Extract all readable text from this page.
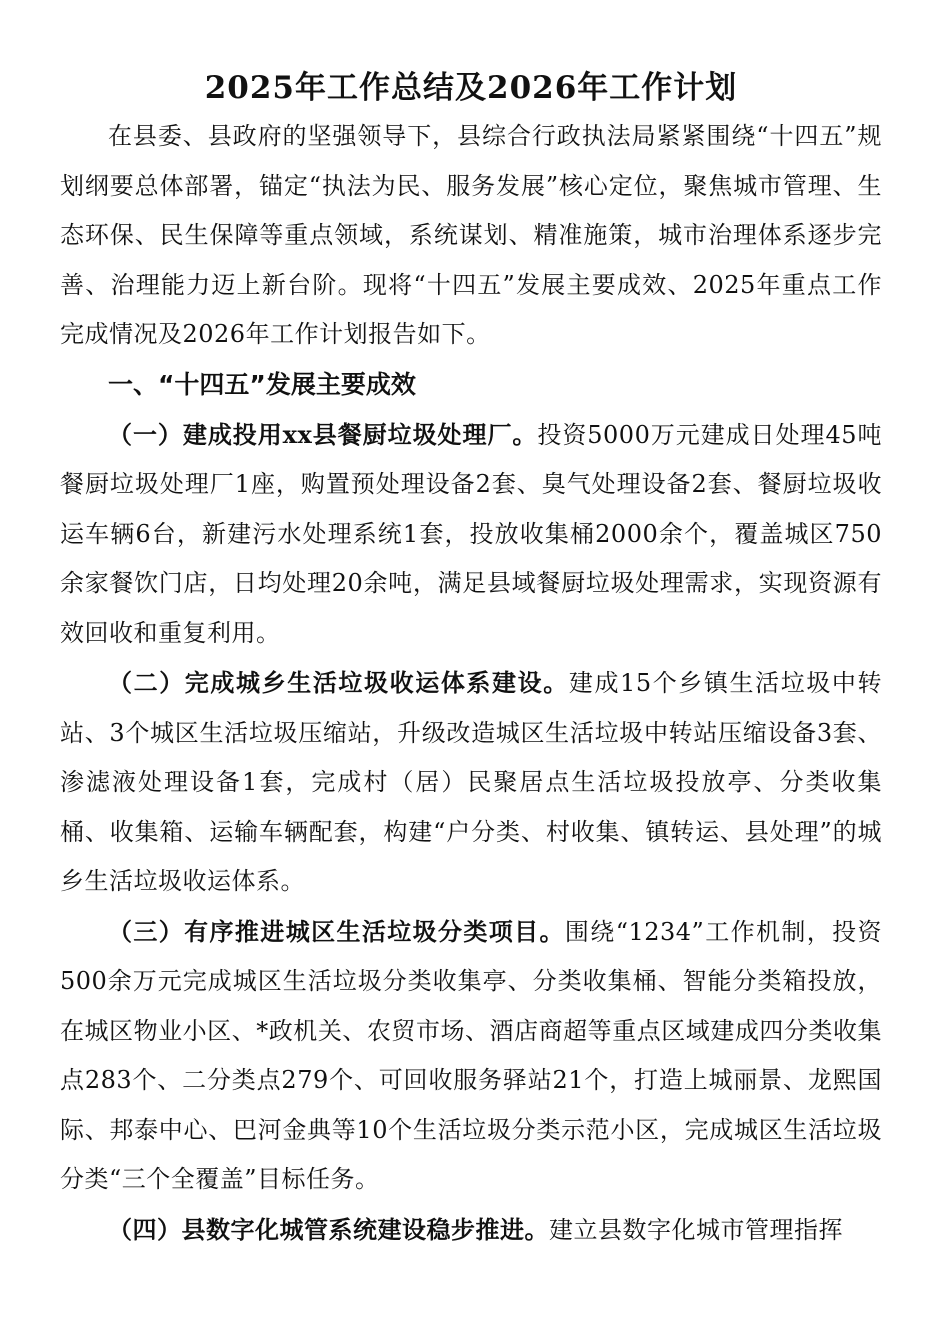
2025年工作总结及2026年工作计划

在县委、县政府的坚强领导下，县综合行政执法局紧紧围绕“十四五”规划纲要总体部署，锚定“执法为民、服务发展”核心定位，聚焦城市管理、生态环保、民生保障等重点领域，系统谋划、精准施策，城市治理体系逐步完善、治理能力迈上新台阶。现将“十四五”发展主要成效、2025年重点工作完成情况及2026年工作计划报告如下。

一、“十四五”发展主要成效

（一）建成投用xx县餐厨垃圾处理厂。投资5000万元建成日处理45吨餐厨垃圾处理厂1座，购置预处理设备2套、臭气处理设备2套、餐厨垃圾收运车辆6台，新建污水处理系统1套，投放收集桶2000余个，覆盖城区750余家餐饮门店，日均处理20余吨，满足县域餐厨垃圾处理需求，实现资源有效回收和重复利用。

（二）完成城乡生活垃圾收运体系建设。建成15个乡镇生活垃圾中转站、3个城区生活垃圾压缩站，升级改造城区生活垃圾中转站压缩设备3套、渗滤液处理设备1套，完成村（居）民聚居点生活垃圾投放亭、分类收集桶、收集箱、运输车辆配套，构建“户分类、村收集、镇转运、县处理”的城乡生活垃圾收运体系。

（三）有序推进城区生活垃圾分类项目。围绕“1234”工作机制，投资500余万元完成城区生活垃圾分类收集亭、分类收集桶、智能分类箱投放，在城区物业小区、*政机关、农贸市场、酒店商超等重点区域建成四分类收集点283个、二分类点279个、可回收服务驿站21个，打造上城丽景、龙熙国际、邦泰中心、巴河金典等10个生活垃圾分类示范小区，完成城区生活垃圾分类“三个全覆盖”目标任务。

（四）县数字化城管系统建设稳步推进。建立县数字化城市管理指挥
